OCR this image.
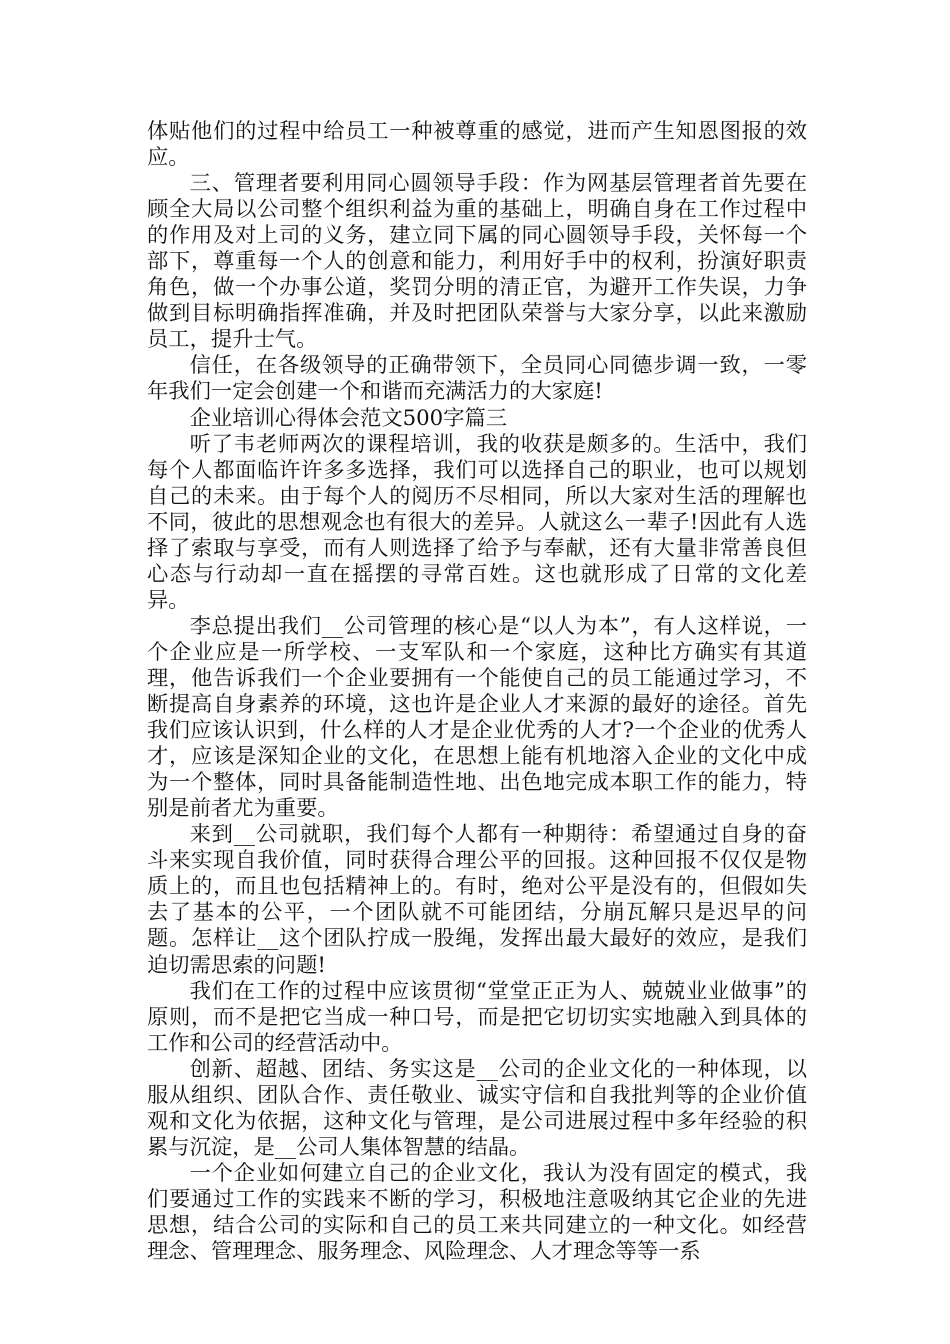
体贴他们的过程中给员工一种被尊重的感觉，进而产生知恩图报的效应。

三、管理者要利用同心圆领导手段：作为网基层管理者首先要在顾全大局以公司整个组织利益为重的基础上，明确自身在工作过程中的作用及对上司的义务，建立同下属的同心圆领导手段，关怀每一个部下，尊重每一个人的创意和能力，利用好手中的权利，扮演好职责角色，做一个办事公道，奖罚分明的清正官，为避开工作失误，力争做到目标明确指挥准确，并及时把团队荣誉与大家分享，以此来激励员工，提升士气。

信任，在各级领导的正确带领下，全员同心同德步调一致，一零年我们一定会创建一个和谐而充满活力的大家庭!

企业培训心得体会范文500字篇三

听了韦老师两次的课程培训，我的收获是颇多的。生活中，我们每个人都面临许许多多选择，我们可以选择自己的职业，也可以规划自己的未来。由于每个人的阅历不尽相同，所以大家对生活的理解也不同，彼此的思想观念也有很大的差异。人就这么一辈子!因此有人选择了索取与享受，而有人则选择了给予与奉献，还有大量非常善良但心态与行动却一直在摇摆的寻常百姓。这也就形成了日常的文化差异。

李总提出我们__公司管理的核心是“以人为本”，有人这样说，一个企业应是一所学校、一支军队和一个家庭，这种比方确实有其道理，他告诉我们一个企业要拥有一个能使自己的员工能通过学习，不断提高自身素养的环境，这也许是企业人才来源的最好的途径。首先我们应该认识到，什么样的人才是企业优秀的人才?一个企业的优秀人才，应该是深知企业的文化，在思想上能有机地溶入企业的文化中成为一个整体，同时具备能制造性地、出色地完成本职工作的能力，特别是前者尤为重要。

来到__公司就职，我们每个人都有一种期待：希望通过自身的奋斗来实现自我价值，同时获得合理公平的回报。这种回报不仅仅是物质上的，而且也包括精神上的。有时，绝对公平是没有的，但假如失去了基本的公平，一个团队就不可能团结，分崩瓦解只是迟早的问题。怎样让__这个团队拧成一股绳，发挥出最大最好的效应，是我们迫切需思索的问题!

我们在工作的过程中应该贯彻“堂堂正正为人、兢兢业业做事”的原则，而不是把它当成一种口号，而是把它切切实实地融入到具体的工作和公司的经营活动中。

创新、超越、团结、务实这是__公司的企业文化的一种体现，以服从组织、团队合作、责任敬业、诚实守信和自我批判等的企业价值观和文化为依据，这种文化与管理，是公司进展过程中多年经验的积累与沉淀，是__公司人集体智慧的结晶。

一个企业如何建立自己的企业文化，我认为没有固定的模式，我们要通过工作的实践来不断的学习，积极地注意吸纳其它企业的先进思想，结合公司的实际和自己的员工来共同建立的一种文化。如经营理念、管理理念、服务理念、风险理念、人才理念等等一系
